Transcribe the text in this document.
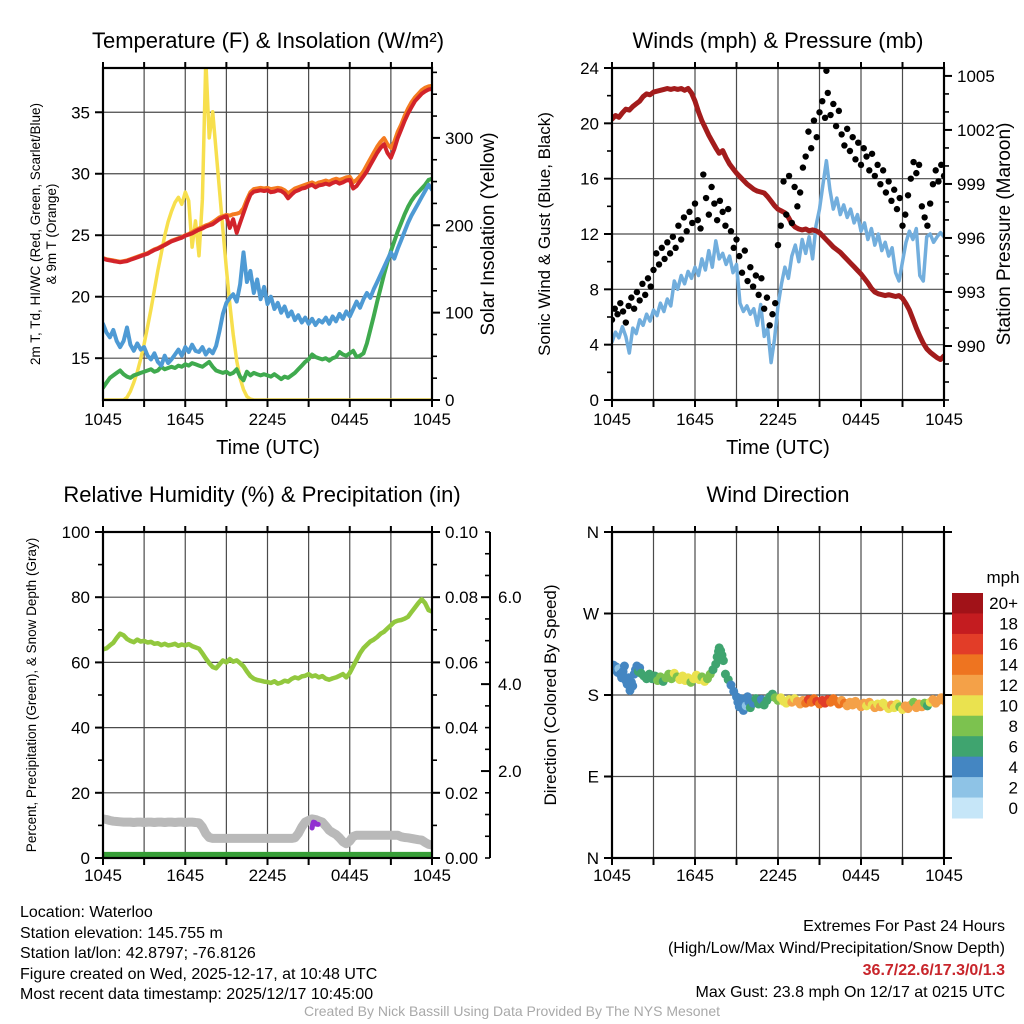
1045	1645	2245	0445	1045
15
20
25
30
35
0
100
200
300
Temperature (F) & Insolation (W/m²)
Time (UTC)
2m T, Td, HI/WC (Red, Green, Scarlet/Blue) & 9m T (Orange)	Solar Insolation (Yellow)
1045	1645	2245	0445	1045
0
4
8
12
16
20
24
990
993
996
999
1002
1005
Winds (mph) & Pressure (mb)
Time (UTC)
Sonic Wind & Gust (Blue, Black)	Station Pressure (Maroon)
1045	1645	2245	0445	1045
0
20
40
60
80
100
0.00
0.02
0.04
0.06
0.08
0.10
2.0
4.0
6.0
Relative Humidity (%) & Precipitation (in)
Percent, Precipitation (Green), & Snow Depth (Gray)
1045	1645	2245	0445	1045
N
E
S
W
N
mph
20+
18
16
14
12
10
8
6
4
2
0
Wind Direction
Direction (Colored By Speed)
Location: Waterloo
Station elevation: 145.755 m
Station lat/lon: 42.8797; -76.8126
Figure created on Wed, 2025-12-17, at 10:48 UTC
Most recent data timestamp: 2025/12/17 10:45:00
Extremes For Past 24 Hours
(High/Low/Max Wind/Precipitation/Snow Depth)
36.7/22.6/17.3/0/1.3
Max Gust: 23.8 mph On 12/17 at 0215 UTC
Created By Nick Bassill Using Data Provided By The NYS Mesonet
